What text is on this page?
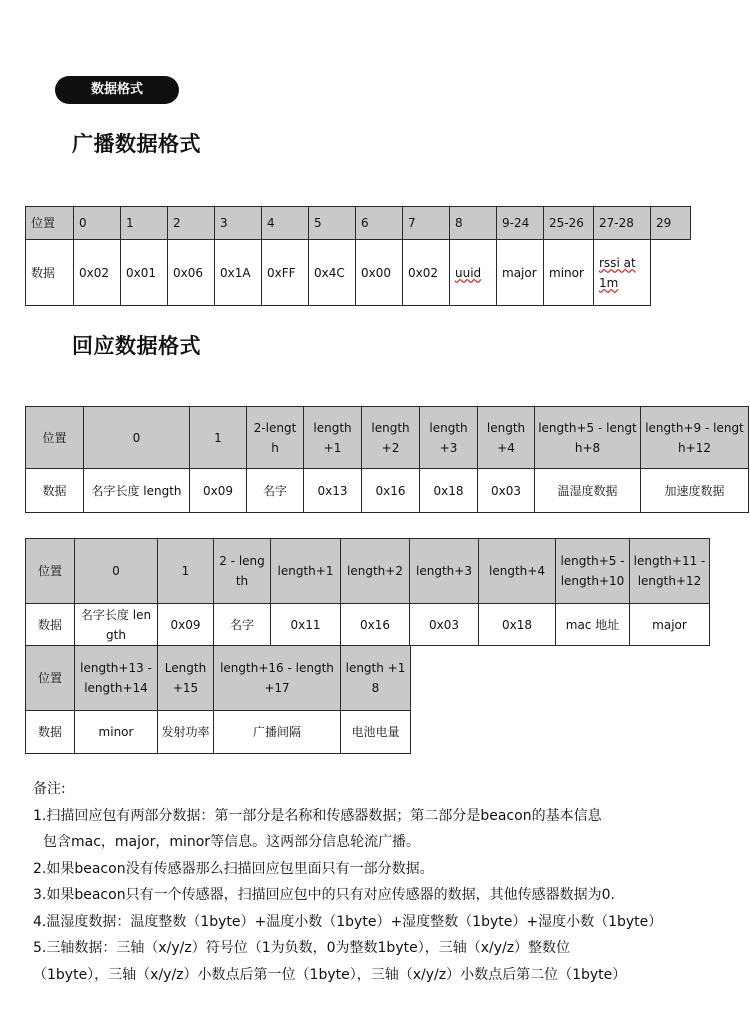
数据格式
广播数据格式
位置	0	1	2	3	4	5	6	7	8	9-24	25-26	27-28	29
数据	0x02	0x01	0x06	0x1A	0xFF	0x4C	0x00	0x02	uuid	major	minor	rssi at 1m	
回应数据格式
位置	0	1	2-length	length +1	length +2	length +3	length +4	length+5 - length+8	length+9 - length+12
数据	名字长度 length	0x09	名字	0x13	0x16	0x18	0x03	温湿度数据	加速度数据
位置	0	1	2 - length	length+1	length+2	length+3	length+4	length+5 - length+10	length+11 - length+12
数据	名字长度 length	0x09	名字	0x11	0x16	0x03	0x18	mac 地址	major
位置	length+13 - length+14	Length +15	length+16 - length+17	length +18
数据	minor	发射功率	广播间隔	电池电量

备注:

1.扫描回应包有两部分数据：第一部分是名称和传感器数据；第二部分是beacon的基本信息

包含mac，major，minor等信息。这两部分信息轮流广播。

2.如果beacon没有传感器那么扫描回应包里面只有一部分数据。

3.如果beacon只有一个传感器，扫描回应包中的只有对应传感器的数据，其他传感器数据为0.

4.温湿度数据：温度整数（1byte）+温度小数（1byte）+湿度整数（1byte）+湿度小数（1byte）

5.三轴数据：三轴（x/y/z）符号位（1为负数，0为整数1byte），三轴（x/y/z）整数位

（1byte），三轴（x/y/z）小数点后第一位（1byte），三轴（x/y/z）小数点后第二位（1byte）
